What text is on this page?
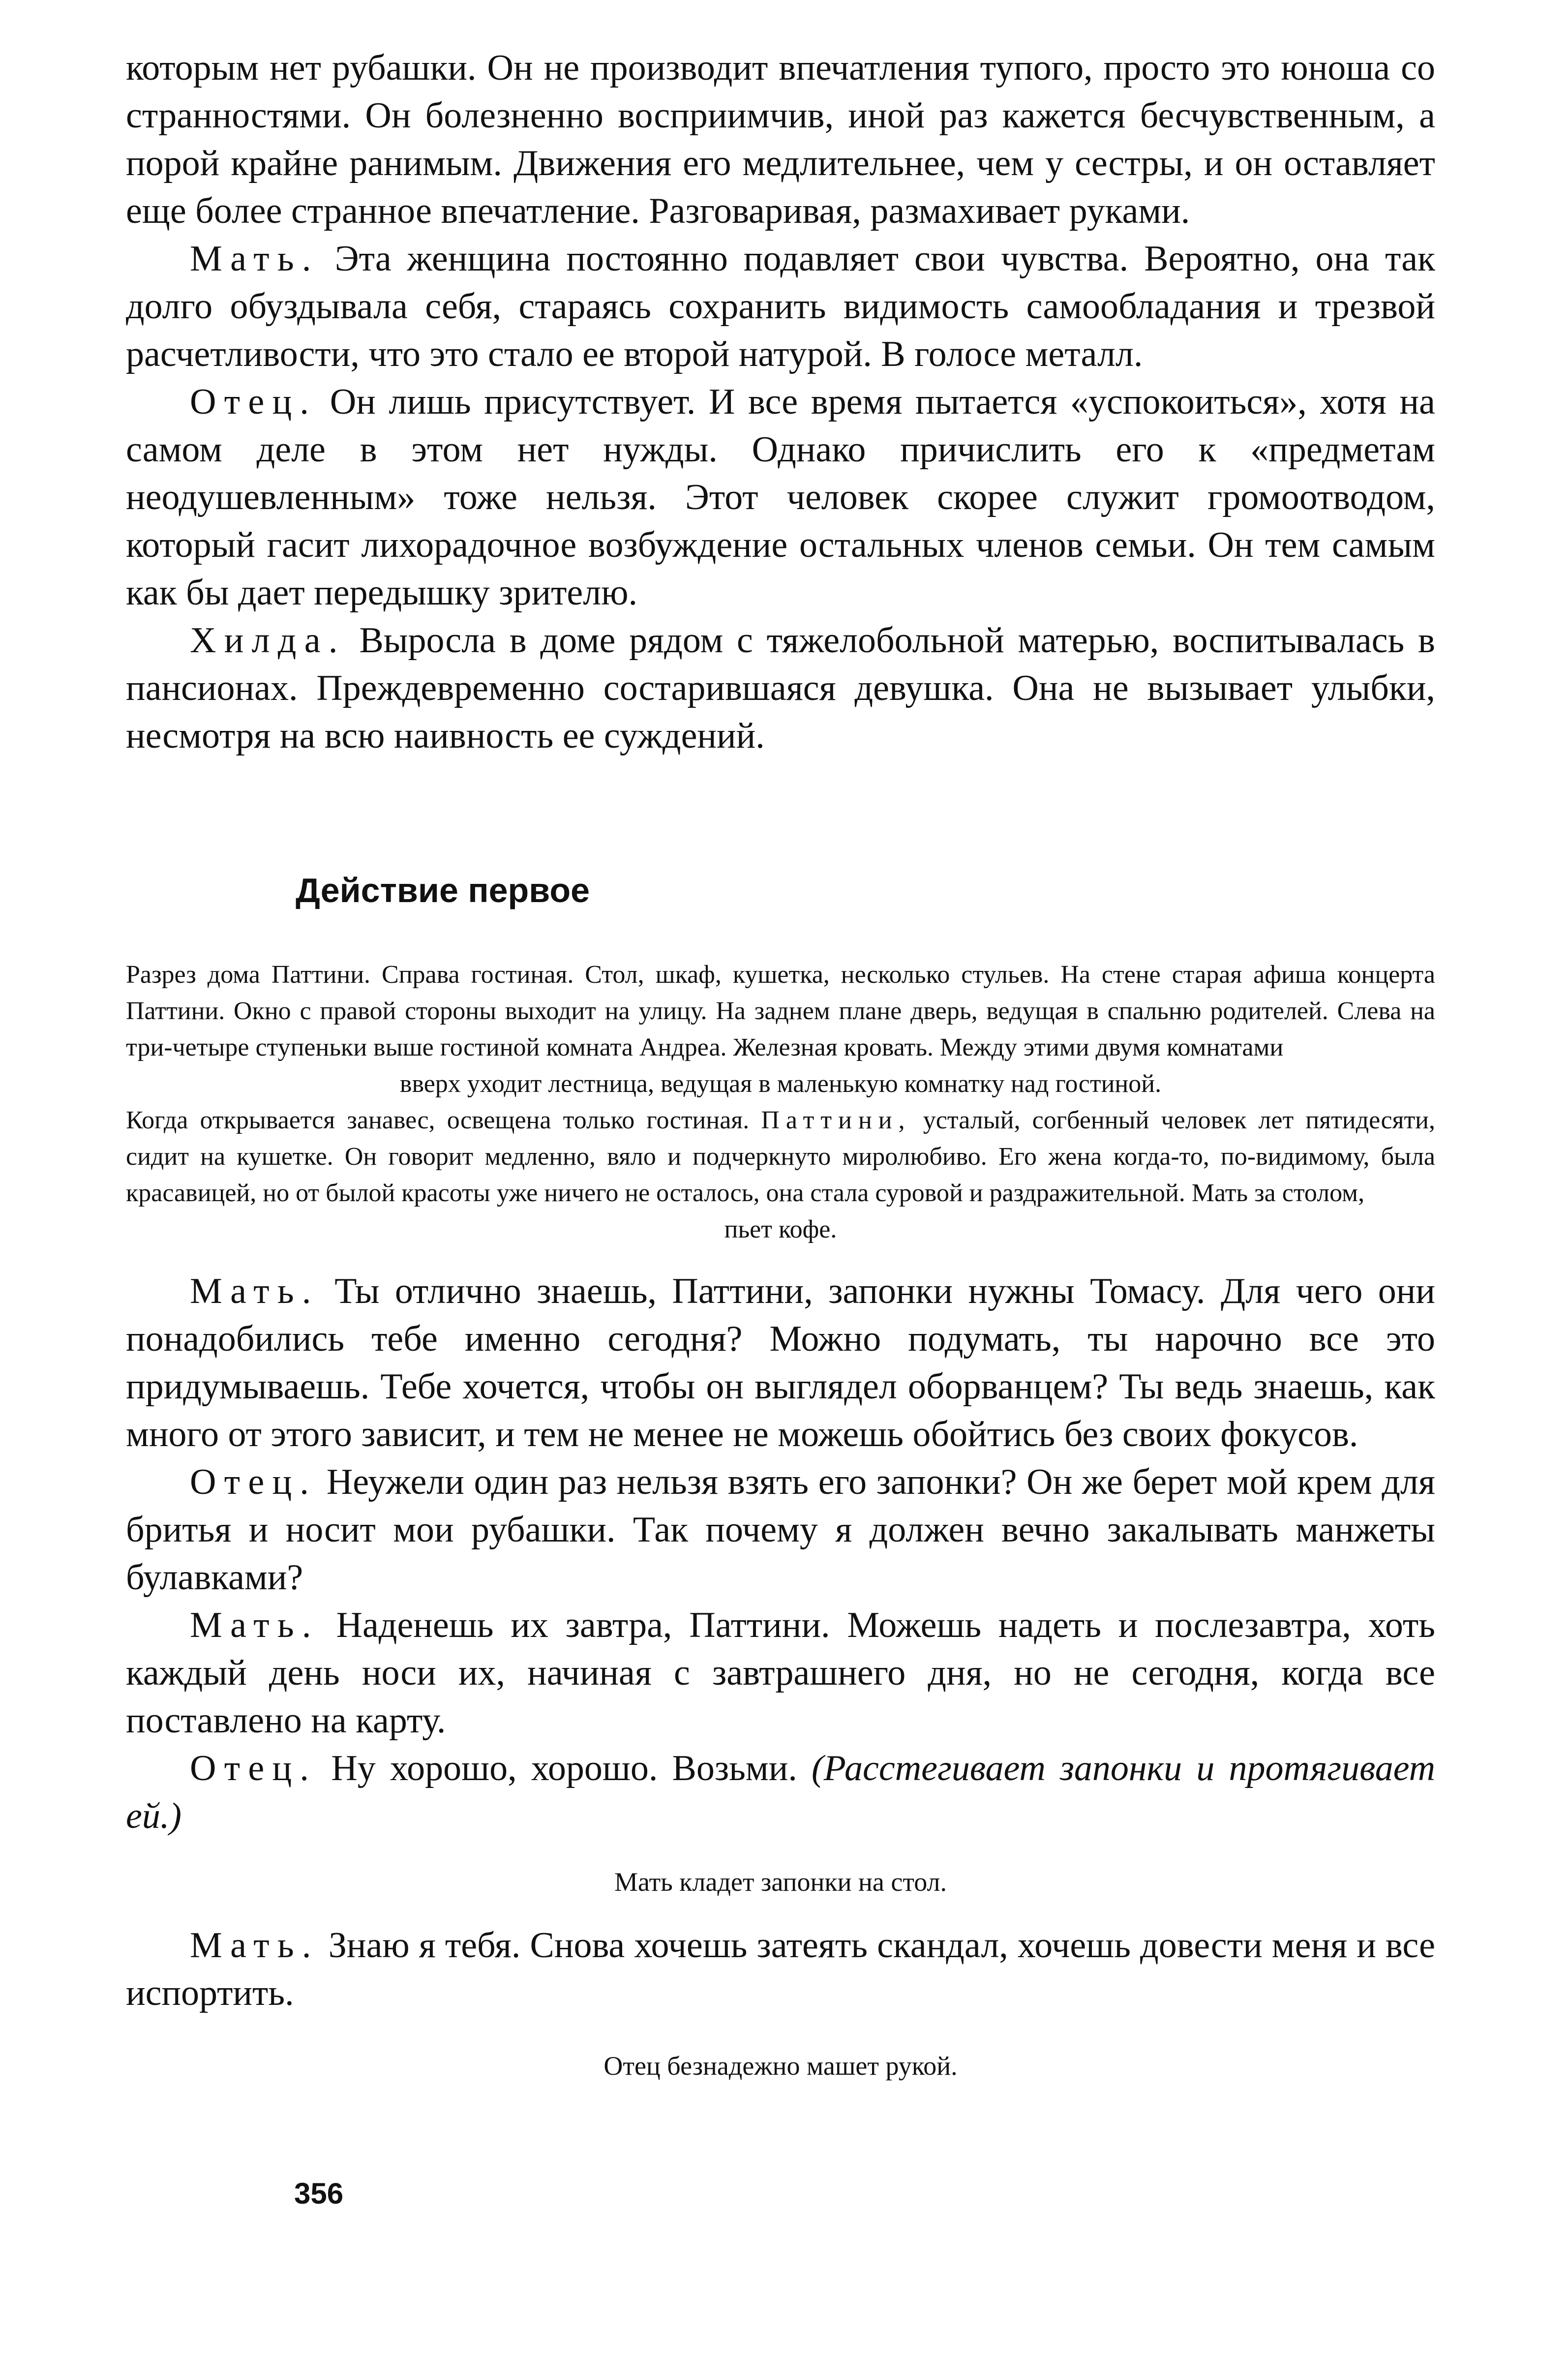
которым нет рубашки. Он не производит впечатления тупого, просто это юноша со странностями. Он болезненно восприимчив, иной раз кажется бесчувственным, а порой крайне ранимым. Движения его медлительнее, чем у сестры, и он оставляет еще более странное впечатление. Разговаривая, размахивает руками.

Мать. Эта женщина постоянно подавляет свои чувства. Вероятно, она так долго обуздывала себя, стараясь сохранить видимость самообладания и трезвой расчетливости, что это стало ее второй натурой. В голосе металл.

Отец. Он лишь присутствует. И все время пытается «успокоиться», хотя на самом деле в этом нет нужды. Однако причислить его к «предметам неодушевленным» тоже нельзя. Этот человек скорее служит громоотводом, который гасит лихорадочное возбуждение остальных членов семьи. Он тем самым как бы дает передышку зрителю.

Хилда. Выросла в доме рядом с тяжелобольной матерью, воспитывалась в пансионах. Преждевременно состарившаяся девушка. Она не вызывает улыбки, несмотря на всю наивность ее суждений.

Действие первое

Разрез дома Паттини. Справа гостиная. Стол, шкаф, кушетка, несколько стульев. На стене старая афиша концерта Паттини. Окно с правой стороны выходит на улицу. На заднем плане дверь, ведущая в спальню родителей. Слева на три-четыре ступеньки выше гостиной комната Андреа. Железная кровать. Между этими двумя комнатами

вверх уходит лестница, ведущая в маленькую комнатку над гостиной.

Когда открывается занавес, освещена только гостиная. Паттини, усталый, согбенный человек лет пятидесяти, сидит на кушетке. Он говорит медленно, вяло и подчеркнуто миролюбиво. Его жена когда-то, по-видимому, была красавицей, но от былой красоты уже ничего не осталось, она стала суровой и раздражительной. Мать за столом,

пьет кофе.

Мать. Ты отлично знаешь, Паттини, запонки нужны Томасу. Для чего они понадобились тебе именно сегодня? Можно подумать, ты нарочно все это придумываешь. Тебе хочется, чтобы он выглядел оборванцем? Ты ведь знаешь, как много от этого зависит, и тем не менее не можешь обойтись без своих фокусов.

Отец. Неужели один раз нельзя взять его запонки? Он же берет мой крем для бритья и носит мои рубашки. Так почему я должен вечно закалывать манжеты булавками?

Мать. Наденешь их завтра, Паттини. Можешь надеть и послезавтра, хоть каждый день носи их, начиная с завтрашнего дня, но не сегодня, когда все поставлено на карту.

Отец. Ну хорошо, хорошо. Возьми. (Расстегивает запонки и протягивает ей.)

Мать кладет запонки на стол.

Мать. Знаю я тебя. Снова хочешь затеять скандал, хочешь довести меня и все испортить.

Отец безнадежно машет рукой.

356
